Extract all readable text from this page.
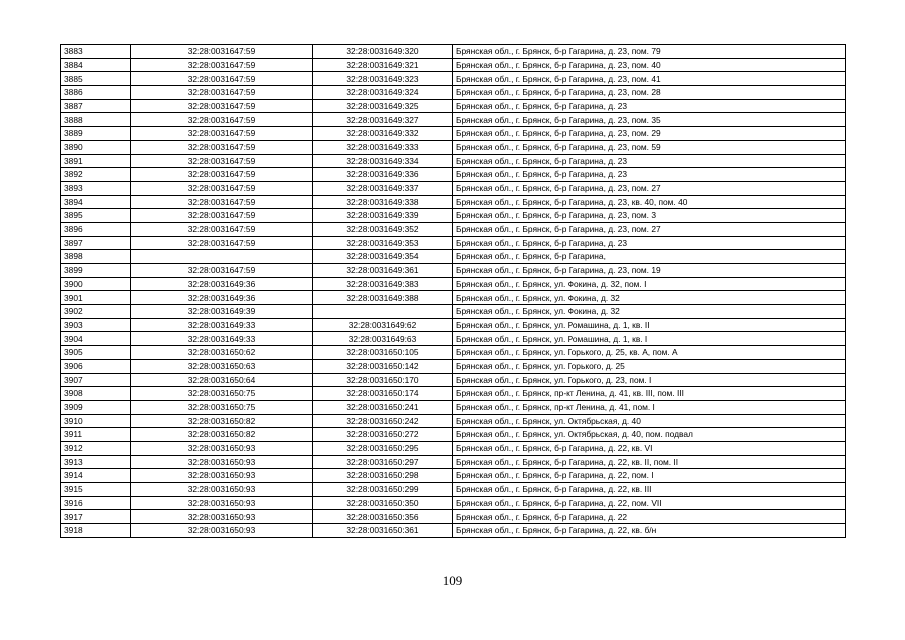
3883	32:28:0031647:59	32:28:0031649:320	Брянская обл., г. Брянск, б-р Гагарина, д. 23, пом. 79
3884	32:28:0031647:59	32:28:0031649:321	Брянская обл., г. Брянск, б-р Гагарина, д. 23, пом. 40
3885	32:28:0031647:59	32:28:0031649:323	Брянская обл., г. Брянск, б-р Гагарина, д. 23, пом. 41
3886	32:28:0031647:59	32:28:0031649:324	Брянская обл., г. Брянск, б-р Гагарина, д. 23, пом. 28
3887	32:28:0031647:59	32:28:0031649:325	Брянская обл., г. Брянск, б-р Гагарина, д. 23
3888	32:28:0031647:59	32:28:0031649:327	Брянская обл., г. Брянск, б-р Гагарина, д. 23, пом. 35
3889	32:28:0031647:59	32:28:0031649:332	Брянская обл., г. Брянск, б-р Гагарина, д. 23, пом. 29
3890	32:28:0031647:59	32:28:0031649:333	Брянская обл., г. Брянск, б-р Гагарина, д. 23, пом. 59
3891	32:28:0031647:59	32:28:0031649:334	Брянская обл., г. Брянск, б-р Гагарина, д. 23
3892	32:28:0031647:59	32:28:0031649:336	Брянская обл., г. Брянск, б-р Гагарина, д. 23
3893	32:28:0031647:59	32:28:0031649:337	Брянская обл., г. Брянск, б-р Гагарина, д. 23, пом. 27
3894	32:28:0031647:59	32:28:0031649:338	Брянская обл., г. Брянск, б-р Гагарина, д. 23, кв. 40, пом. 40
3895	32:28:0031647:59	32:28:0031649:339	Брянская обл., г. Брянск, б-р Гагарина, д. 23, пом. 3
3896	32:28:0031647:59	32:28:0031649:352	Брянская обл., г. Брянск, б-р Гагарина, д. 23, пом. 27
3897	32:28:0031647:59	32:28:0031649:353	Брянская обл., г. Брянск, б-р Гагарина, д. 23
3898		32:28:0031649:354	Брянская обл., г. Брянск, б-р Гагарина,
3899	32:28:0031647:59	32:28:0031649:361	Брянская обл., г. Брянск, б-р Гагарина, д. 23, пом. 19
3900	32:28:0031649:36	32:28:0031649:383	Брянская обл., г. Брянск, ул. Фокина, д. 32, пом. I
3901	32:28:0031649:36	32:28:0031649:388	Брянская обл., г. Брянск, ул. Фокина, д. 32
3902	32:28:0031649:39		Брянская обл., г. Брянск, ул. Фокина, д. 32
3903	32:28:0031649:33	32:28:0031649:62	Брянская обл., г. Брянск, ул. Ромашина, д. 1, кв. II
3904	32:28:0031649:33	32:28:0031649:63	Брянская обл., г. Брянск, ул. Ромашина, д. 1, кв. I
3905	32:28:0031650:62	32:28:0031650:105	Брянская обл., г. Брянск, ул. Горького, д. 25, кв. А, пом. А
3906	32:28:0031650:63	32:28:0031650:142	Брянская обл., г. Брянск, ул. Горького, д. 25
3907	32:28:0031650:64	32:28:0031650:170	Брянская обл., г. Брянск, ул. Горького, д. 23, пом. I
3908	32:28:0031650:75	32:28:0031650:174	Брянская обл., г. Брянск, пр-кт Ленина, д. 41, кв. III, пом. III
3909	32:28:0031650:75	32:28:0031650:241	Брянская обл., г. Брянск, пр-кт Ленина, д. 41, пом. I
3910	32:28:0031650:82	32:28:0031650:242	Брянская обл., г. Брянск, ул. Октябрьская, д. 40
3911	32:28:0031650:82	32:28:0031650:272	Брянская обл., г. Брянск, ул. Октябрьская, д. 40, пом. подвал
3912	32:28:0031650:93	32:28:0031650:295	Брянская обл., г. Брянск, б-р Гагарина, д. 22, кв. VI
3913	32:28:0031650:93	32:28:0031650:297	Брянская обл., г. Брянск, б-р Гагарина, д. 22, кв. II, пом. II
3914	32:28:0031650:93	32:28:0031650:298	Брянская обл., г. Брянск, б-р Гагарина, д. 22, пом. I
3915	32:28:0031650:93	32:28:0031650:299	Брянская обл., г. Брянск, б-р Гагарина, д. 22, кв. III
3916	32:28:0031650:93	32:28:0031650:350	Брянская обл., г. Брянск, б-р Гагарина, д. 22, пом. VII
3917	32:28:0031650:93	32:28:0031650:356	Брянская обл., г. Брянск, б-р Гагарина, д. 22
3918	32:28:0031650:93	32:28:0031650:361	Брянская обл., г. Брянск, б-р Гагарина, д. 22, кв. б/н
109
